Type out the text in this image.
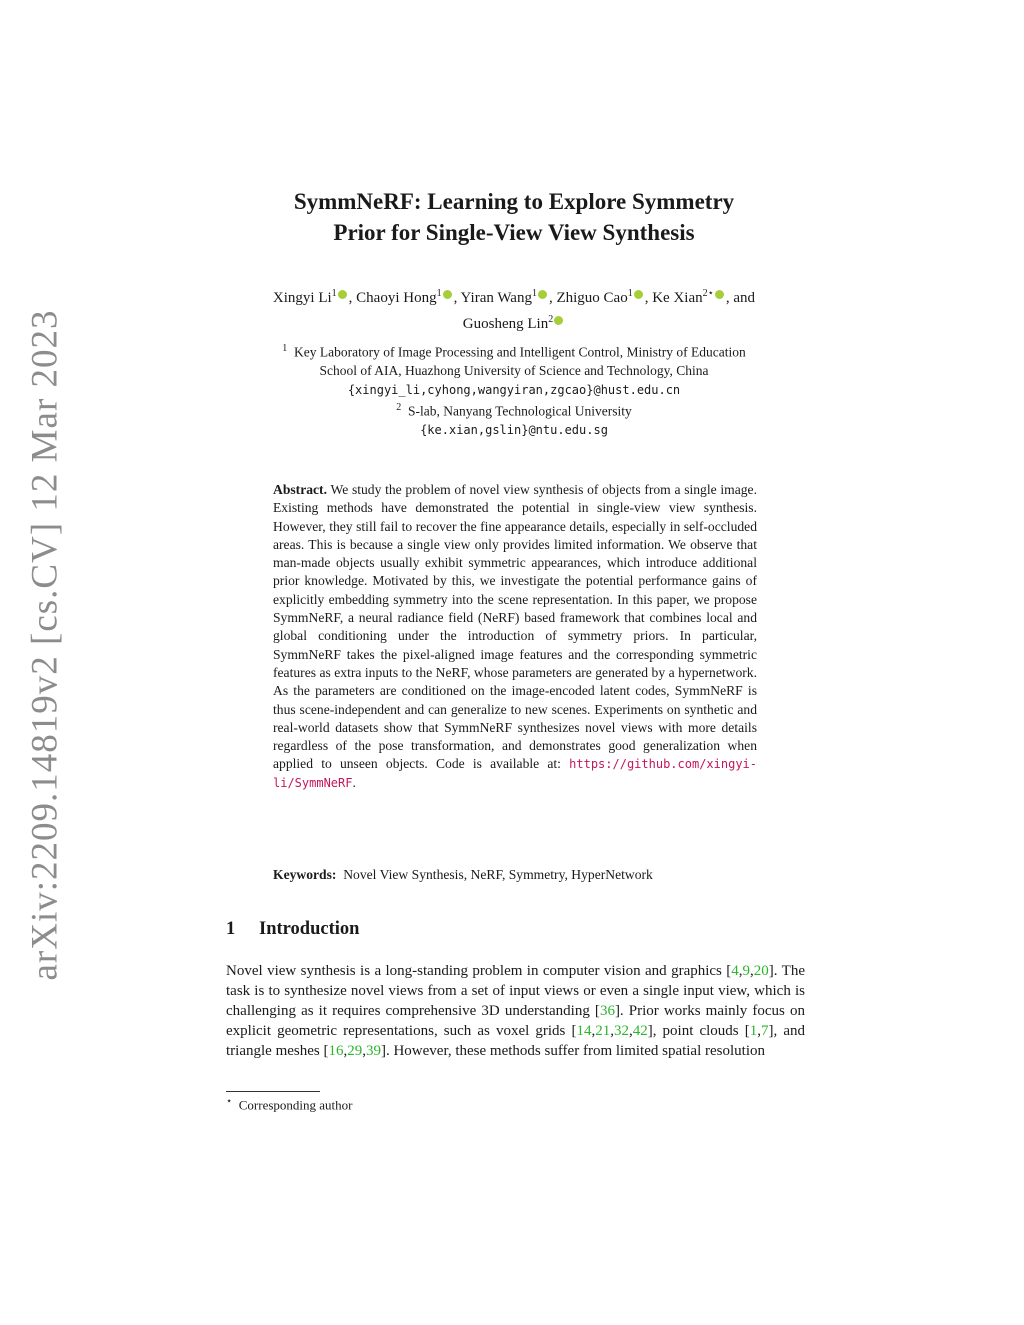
arXiv:2209.14819v2 [cs.CV] 12 Mar 2023
SymmNeRF: Learning to Explore Symmetry
Prior for Single-View View Synthesis
Xingyi Li$^1$ , Chaoyi Hong$^1$ , Yiran Wang$^1$ , Zhiguo Cao$^1$ , Ke Xian$^{2⋆}$ , and
Guosheng Lin$^2$
$^1$ Key Laboratory of Image Processing and Intelligent Control, Ministry of Education
School of AIA, Huazhong University of Science and Technology, China
{xingyi_li,cyhong,wangyiran,zgcao}@hust.edu.cn
$^2$ S-lab, Nanyang Technological University
{ke.xian,gslin}@ntu.edu.sg
Abstract. We study the problem of novel view synthesis of objects from a single image. Existing methods have demonstrated the potential in single-view view synthesis. However, they still fail to recover the fine appearance details, especially in self-occluded areas. This is because a single view only provides limited information. We observe that man-made objects usually exhibit symmetric appearances, which introduce additional prior knowledge. Motivated by this, we investigate the potential performance gains of explicitly embedding symmetry into the scene representation. In this paper, we propose SymmNeRF, a neural radiance field (NeRF) based framework that combines local and global conditioning under the introduction of symmetry priors. In particular, SymmNeRF takes the pixel-aligned image features and the corresponding symmetric features as extra inputs to the NeRF, whose parameters are generated by a hypernetwork. As the parameters are conditioned on the image-encoded latent codes, SymmNeRF is thus scene-independent and can generalize to new scenes. Experiments on synthetic and real-world datasets show that SymmNeRF synthesizes novel views with more details regardless of the pose transformation, and demonstrates good generalization when applied to unseen objects. Code is available at: https://github.com/xingyi-li/SymmNeRF.
Keywords: Novel View Synthesis, NeRF, Symmetry, HyperNetwork
1 Introduction
Novel view synthesis is a long-standing problem in computer vision and graphics [4,9,20]. The task is to synthesize novel views from a set of input views or even a single input view, which is challenging as it requires comprehensive 3D understanding [36]. Prior works mainly focus on explicit geometric representations, such as voxel grids [14,21,32,42], point clouds [1,7], and triangle meshes [16,29,39]. However, these methods suffer from limited spatial resolution
⋆ Corresponding author
